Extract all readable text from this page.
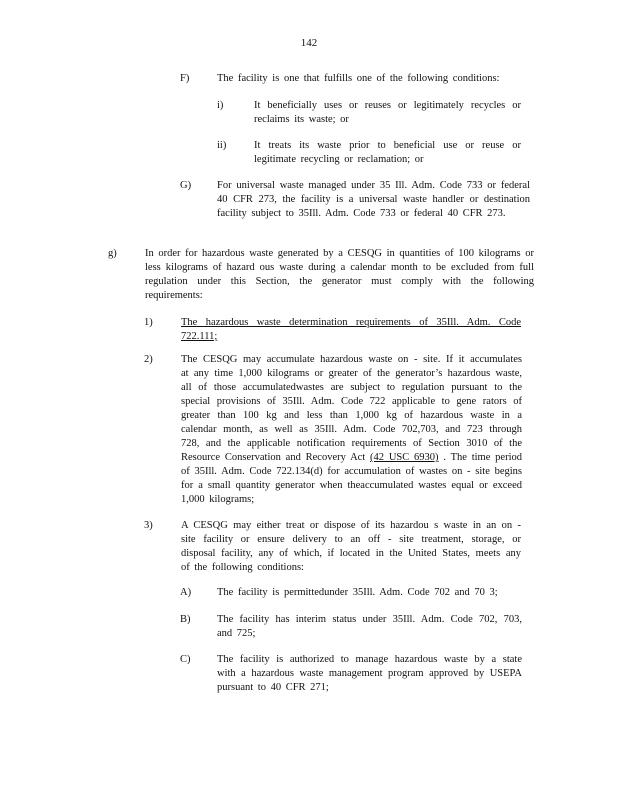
142
F)	The facility is one that fulfills one of the following conditions:
i)	It beneficially uses or reuses or legitimately recycles or reclaims its waste; or
ii)	It treats its waste prior to beneficial use or reuse or legitimate recycling or reclamation; or
G) For universal waste managed under 35 Ill. Adm. Code 733 or federal 40 CFR 273, the facility is a universal waste handler or destination facility subject to 35Ill. Adm. Code 733 or federal 40 CFR 273.
g)	In order for hazardous waste generated by a CESQG in quantities of 100 kilograms or less kilograms of hazard ous waste during a calendar month to be excluded from full regulation under this Section, the generator must comply with the following requirements:
1)	The hazardous waste determination requirements of 35Ill. Adm. Code 722.111;
2)	The CESQG may accumulate hazardous waste on - site. If it accumulates at any time 1,000 kilograms or greater of the generator’s hazardous waste, all of those accumulatedwastes are subject to regulation pursuant to the special provisions of 35Ill. Adm. Code 722 applicable to gene rators of greater than 100 kg and less than 1,000 kg of hazardous waste in a calendar month, as well as 35Ill. Adm. Code 702,703, and 723 through 728, and the applicable notification requirements of Section 3010 of the Resource Conservation and Recovery Act (42 USC 6930) . The time period of 35Ill. Adm. Code 722.134(d) for accumulation of wastes on - site begins for a small quantity generator when theaccumulated wastes equal or exceed 1,000 kilograms;
3)	A CESQG may either treat or dispose of its hazardou s waste in an on - site facility or ensure delivery to an off - site treatment, storage, or disposal facility, any of which, if located in the United States, meets any of the following conditions:
A) The facility is permittedunder 35Ill. Adm. Code 702 and 70 3;
B)	The facility has interim status under 35Ill. Adm. Code 702, 703, and 725;
C)	The facility is authorized to manage hazardous waste by a state with a hazardous waste management program approved by USEPA pursuant to 40 CFR 271;
